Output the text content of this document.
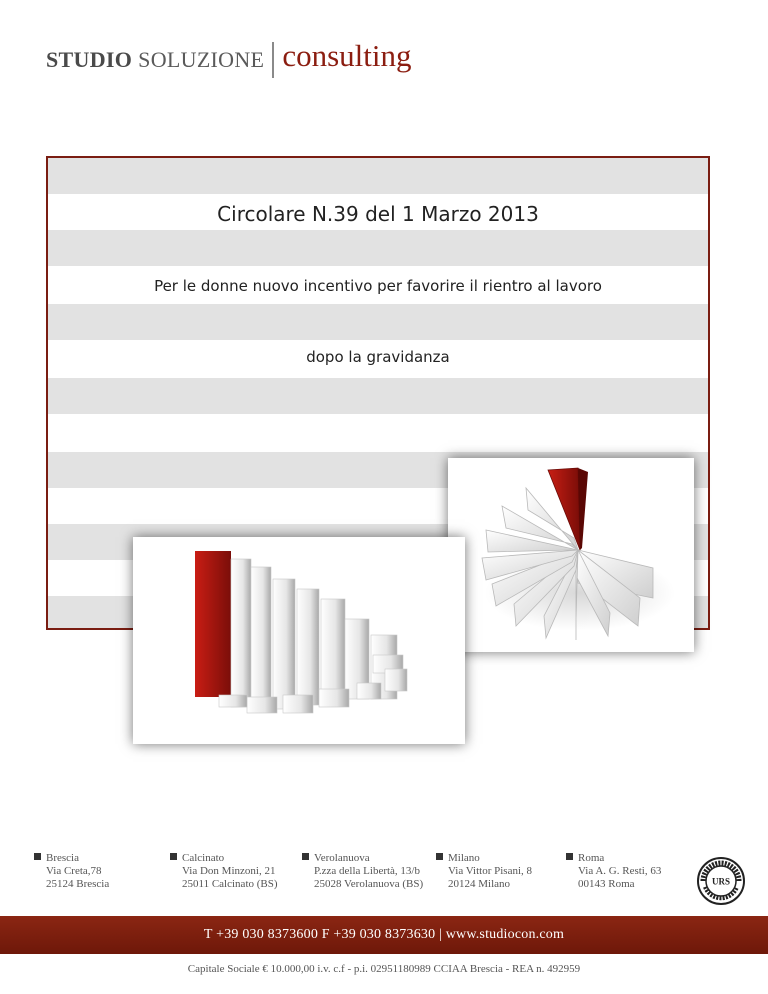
STUDIO SOLUZIONE consulting
Circolare N.39 del 1 Marzo 2013
Per le donne nuovo incentivo per favorire il rientro al lavoro
dopo la gravidanza
Brescia
Via Creta,78
25124 Brescia
Calcinato
Via Don Minzoni, 21
25011 Calcinato (BS)
Verolanuova
P.zza della Libertà, 13/b
25028 Verolanuova (BS)
Milano
Via Vittor Pisani, 8
20124 Milano
Roma
Via A. G. Resti, 63
00143 Roma	URS
T +39 030 8373600 F +39 030 8373630 | www.studiocon.com
Capitale Sociale € 10.000,00 i.v. c.f - p.i. 02951180989 CCIAA Brescia - REA n. 492959
